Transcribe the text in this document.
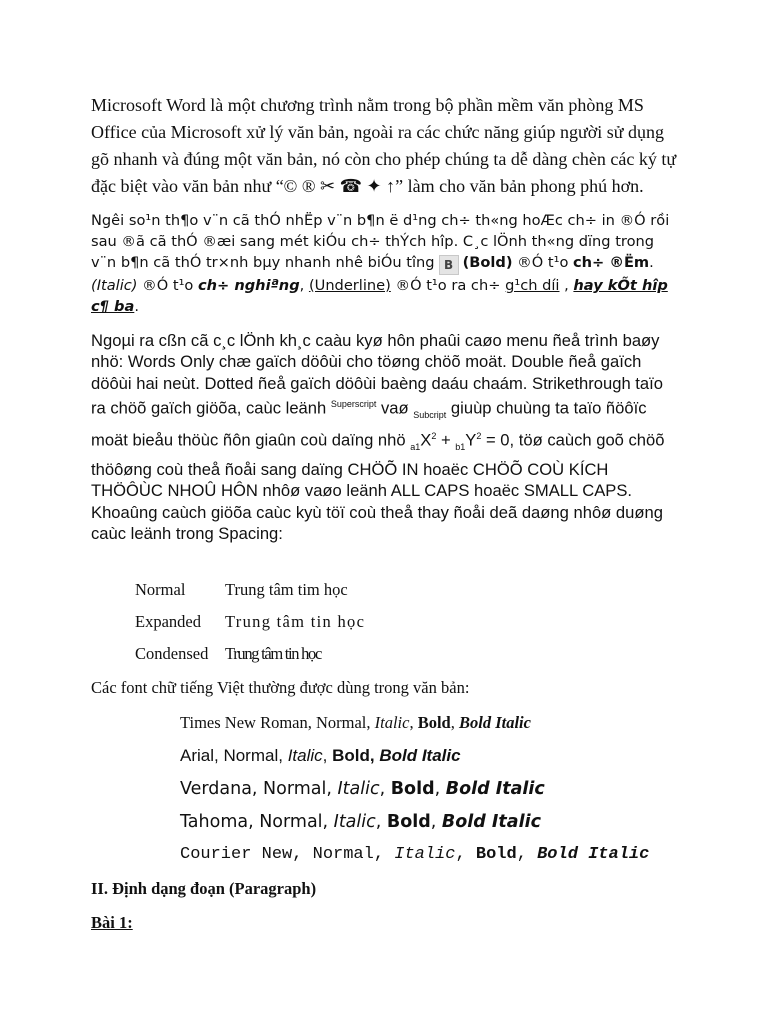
Microsoft Word là một chương trình nằm trong bộ phần mềm văn phòng MS Office của Microsoft xử lý văn bản, ngoài ra các chức năng giúp người sử dụng gõ nhanh và đúng một văn bản, nó còn cho phép chúng ta dễ dàng chèn các ký tự đặc biệt vào văn bản như “© ® ✂ ☎ ✦ ↑” làm cho văn bản phong phú hơn.

Ngêi so¹n th¶o v¨n cã thÓ nhËp v¨n b¶n ë d¹ng ch÷ th«ng hoÆc ch÷ in ®Ó rồi sau ®ã cã thÓ ®æi sang mét kiÓu ch÷ thÝch hîp. C¸c lÖnh th«ng dïng trong v¨n b¶n cã thÓ tr×nh bµy nhanh nhê biÓu tîng B (Bold) ®Ó t¹o ch÷ ®Ëm. (Italic) ®Ó t¹o ch÷ nghiªng, (Underline) ®Ó t¹o ra ch÷ g¹ch díi , hay kÕt hîp c¶ ba.

Ngoµi ra cßn cã c¸c lÖnh kh¸c caàu kyø hôn phaûi caøo menu ñeå trình baøy nhö: Words Only chæ gaïch döôùi cho töøng chöõ moät. Double ñeå gaïch döôùi hai neùt. Dotted ñeå gaïch döôùi baèng daáu chaám. Strikethrough taïo ra chöõ gaïch giöõa, caùc leänh $^{Superscript}$ vaø $_{Subcript}$ giuùp chuùng ta taïo ñöôïc moät bieåu thöùc ñôn giaûn coù daïng nhö $_{a1}X^2 + _{b1}Y^2 = 0$, töø caùch goõ chöõ thöôøng coù theå ñoåi sang daïng CHÖÕ IN hoaëc CHÖÕ COÙ KÍCH THÖÔÙC NHOÛ HÔN nhôø vaøo leänh ALL CAPS hoaëc SMALL CAPS. Khoaûng caùch giöõa caùc kyù töï coù theå thay ñoåi deã daøng nhôø duøng caùc leänh trong Spacing:

Normal	Trung tâm tim học
Expanded	Trung tâm tin học
Condensed	Trung tâm tin học

Các font chữ tiếng Việt thường được dùng trong văn bản:

Times New Roman, Normal, Italic , Bold , Bold Italic
Arial, Normal, Italic , Bold,
Bold Italic
Verdana, Normal, Italic , Bold , Bold Italic
Tahoma, Normal, Italic , Bold , Bold Italic
Courier New, Normal, Italic , Bold , Bold Italic

II. Định dạng đoạn (Paragraph)

Bài 1:
